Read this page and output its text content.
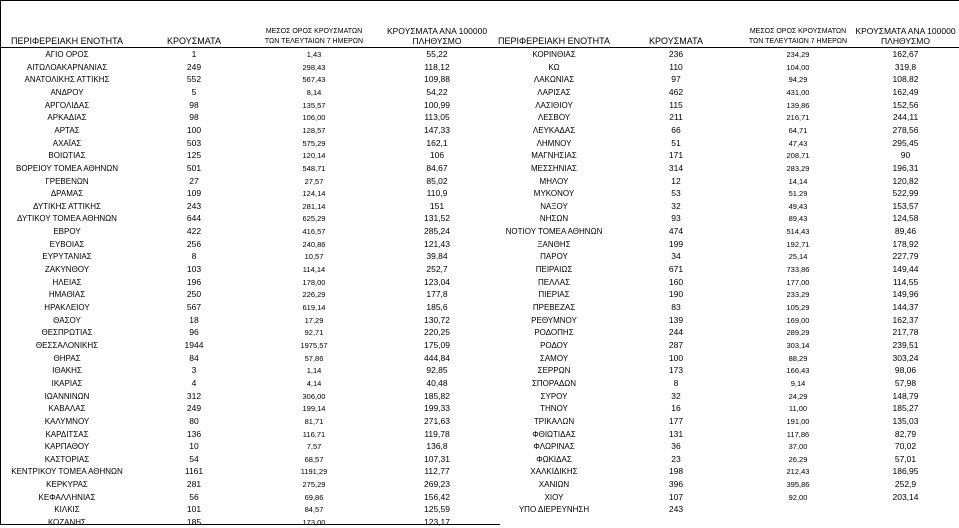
ΠΕΡΙΦΕΡΕΙΑΚΗ ΕΝΟΤΗΤΑ	ΚΡΟΥΣΜΑΤΑ
ΜΕΣΟΣ ΟΡΟΣ ΚΡΟΥΣΜΑΤΩΝ
ΤΩΝ ΤΕΛΕΥΤΑΙΩΝ 7 ΗΜΕΡΩΝ
ΚΡΟΥΣΜΑΤΑ ΑΝΑ 100000
ΠΛΗΘΥΣΜΟ	ΠΕΡΙΦΕΡΕΙΑΚΗ ΕΝΟΤΗΤΑ	ΚΡΟΥΣΜΑΤΑ
ΜΕΣΟΣ ΟΡΟΣ ΚΡΟΥΣΜΑΤΩΝ
ΤΩΝ ΤΕΛΕΥΤΑΙΩΝ 7 ΗΜΕΡΩΝ
ΚΡΟΥΣΜΑΤΑ ΑΝΑ 100000
ΠΛΗΘΥΣΜΟ
ΑΓΙΟ ΟΡΟΣ	1	1,43	55,22
ΑΙΤΩΛΟΑΚΑΡΝΑΝΙΑΣ	249	298,43	118,12
ΑΝΑΤΟΛΙΚΗΣ ΑΤΤΙΚΗΣ	552	567,43	109,88
ΑΝΔΡΟΥ	5	8,14	54,22
ΑΡΓΟΛΙΔΑΣ	98	135,57	100,99
ΑΡΚΑΔΙΑΣ	98	106,00	113,05
ΑΡΤΑΣ	100	128,57	147,33
ΑΧΑΪΑΣ	503	575,29	162,1
ΒΟΙΩΤΙΑΣ	125	120,14	106
ΒΟΡΕΙΟΥ ΤΟΜΕΑ ΑΘΗΝΩΝ	501	548,71	84,67
ΓΡΕΒΕΝΩΝ	27	27,57	85,02
ΔΡΑΜΑΣ	109	124,14	110,9
ΔΥΤΙΚΗΣ ΑΤΤΙΚΗΣ	243	281,14	151
ΔΥΤΙΚΟΥ ΤΟΜΕΑ ΑΘΗΝΩΝ	644	625,29	131,52
ΕΒΡΟΥ	422	416,57	285,24
ΕΥΒΟΙΑΣ	256	240,86	121,43
ΕΥΡΥΤΑΝΙΑΣ	8	10,57	39,84
ΖΑΚΥΝΘΟΥ	103	114,14	252,7
ΗΛΕΙΑΣ	196	178,00	123,04
ΗΜΑΘΙΑΣ	250	226,29	177,8
ΗΡΑΚΛΕΙΟΥ	567	619,14	185,6
ΘΑΣΟΥ	18	17,29	130,72
ΘΕΣΠΡΩΤΙΑΣ	96	92,71	220,25
ΘΕΣΣΑΛΟΝΙΚΗΣ	1944	1975,57	175,09
ΘΗΡΑΣ	84	57,86	444,84
ΙΘΑΚΗΣ	3	1,14	92,85
ΙΚΑΡΙΑΣ	4	4,14	40,48
ΙΩΑΝΝΙΝΩΝ	312	306,00	185,82
ΚΑΒΑΛΑΣ	249	199,14	199,33
ΚΑΛΥΜΝΟΥ	80	81,71	271,63
ΚΑΡΔΙΤΣΑΣ	136	116,71	119,78
ΚΑΡΠΑΘΟΥ	10	7,57	136,8
ΚΑΣΤΟΡΙΑΣ	54	68,57	107,31
ΚΕΝΤΡΙΚΟΥ ΤΟΜΕΑ ΑΘΗΝΩΝ	1161	1191,29	112,77
ΚΕΡΚΥΡΑΣ	281	275,29	269,23
ΚΕΦΑΛΛΗΝΙΑΣ	56	69,86	156,42
ΚΙΛΚΙΣ	101	84,57	125,59
ΚΟΖΑΝΗΣ	185	173,00	123,17
ΚΟΡΙΝΘΙΑΣ	236	234,29	162,67
ΚΩ	110	104,00	319,8
ΛΑΚΩΝΙΑΣ	97	94,29	108,82
ΛΑΡΙΣΑΣ	462	431,00	162,49
ΛΑΣΙΘΙΟΥ	115	139,86	152,56
ΛΕΣΒΟΥ	211	216,71	244,11
ΛΕΥΚΑΔΑΣ	66	64,71	278,56
ΛΗΜΝΟΥ	51	47,43	295,45
ΜΑΓΝΗΣΙΑΣ	171	208,71	90
ΜΕΣΣΗΝΙΑΣ	314	283,29	196,31
ΜΗΛΟΥ	12	14,14	120,82
ΜΥΚΟΝΟΥ	53	51,29	522,99
ΝΑΞΟΥ	32	49,43	153,57
ΝΗΣΩΝ	93	89,43	124,58
ΝΟΤΙΟΥ ΤΟΜΕΑ ΑΘΗΝΩΝ	474	514,43	89,46
ΞΑΝΘΗΣ	199	192,71	178,92
ΠΑΡΟΥ	34	25,14	227,79
ΠΕΙΡΑΙΩΣ	671	733,86	149,44
ΠΕΛΛΑΣ	160	177,00	114,55
ΠΙΕΡΙΑΣ	190	233,29	149,96
ΠΡΕΒΕΖΑΣ	83	105,29	144,37
ΡΕΘΥΜΝΟΥ	139	169,00	162,37
ΡΟΔΟΠΗΣ	244	289,29	217,78
ΡΟΔΟΥ	287	303,14	239,51
ΣΑΜΟΥ	100	88,29	303,24
ΣΕΡΡΩΝ	173	166,43	98,06
ΣΠΟΡΑΔΩΝ	8	9,14	57,98
ΣΥΡΟΥ	32	24,29	148,79
ΤΗΝΟΥ	16	11,00	185,27
ΤΡΙΚΑΛΩΝ	177	191,00	135,03
ΦΘΙΩΤΙΔΑΣ	131	117,86	82,79
ΦΛΩΡΙΝΑΣ	36	37,00	70,02
ΦΩΚΙΔΑΣ	23	26,29	57,01
ΧΑΛΚΙΔΙΚΗΣ	198	212,43	186,95
ΧΑΝΙΩΝ	396	395,86	252,9
ΧΙΟΥ	107	92,00	203,14
ΥΠΟ ΔΙΕΡΕΥΝΗΣΗ	243
